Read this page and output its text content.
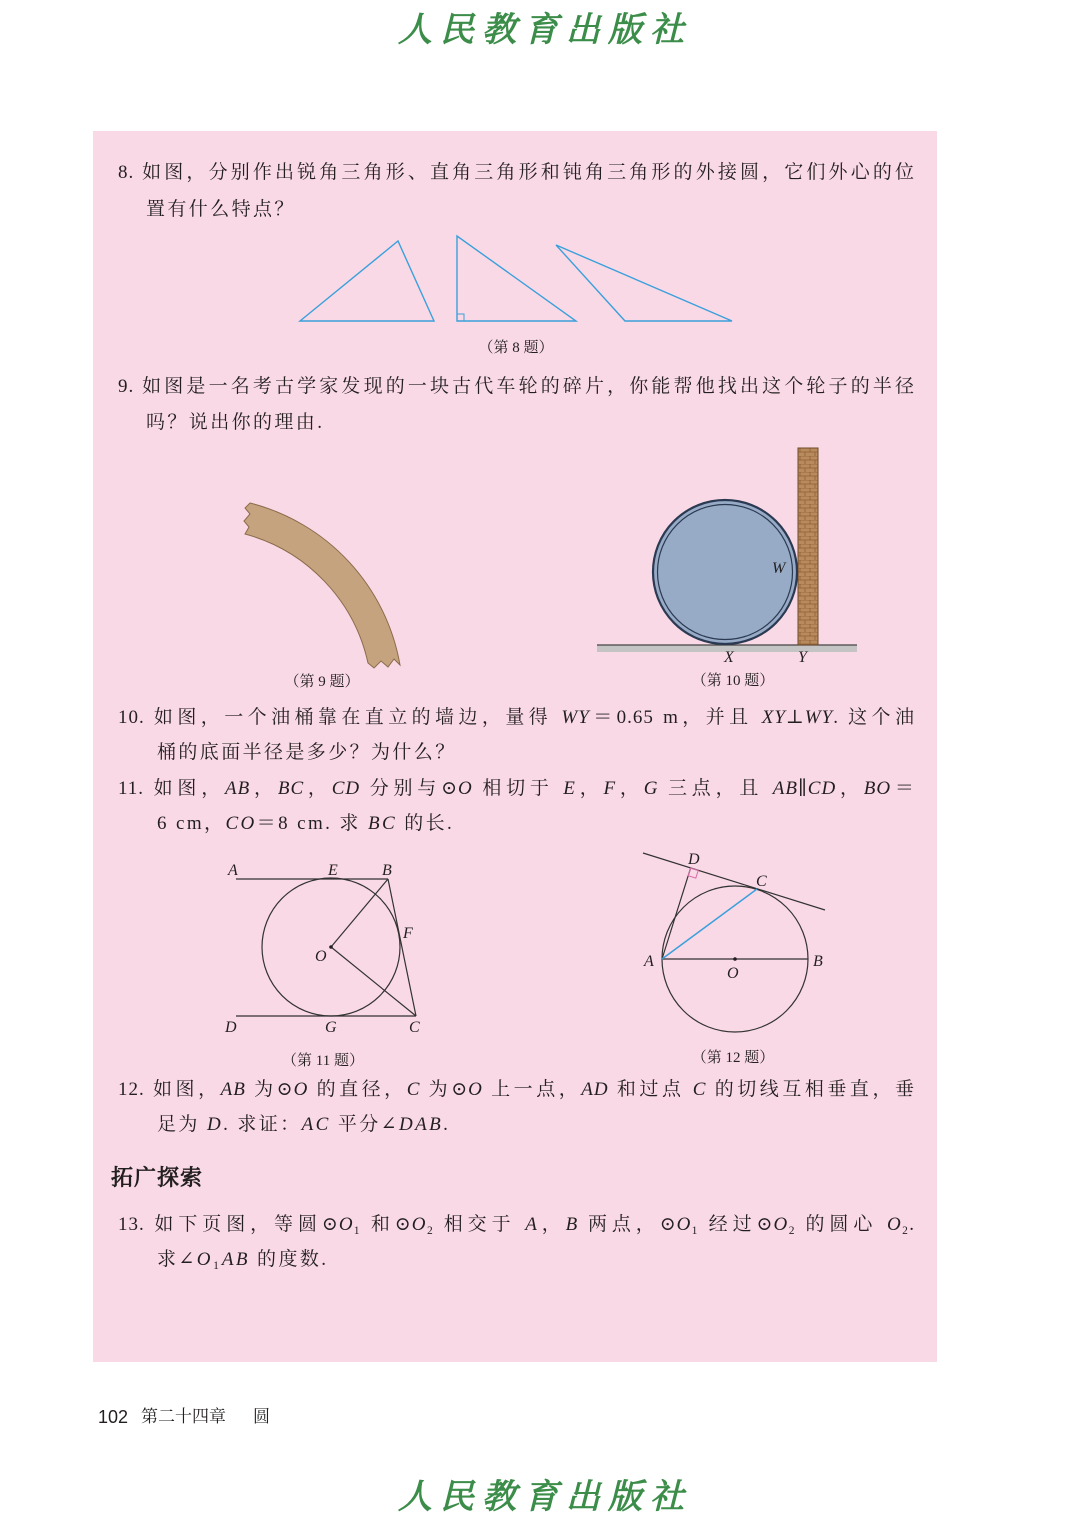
人民教育出版社
W
X	Y
A	E	B
F
O
D	G	C
D
C
A
O
B
8. 如图，分别作出锐角三角形、直角三角形和钝角三角形的外接圆，它们外心的位
置有什么特点？
（第 8 题）
9. 如图是一名考古学家发现的一块古代车轮的碎片，你能帮他找出这个轮子的半径
吗？说出你的理由.
（第 9 题）	（第 10 题）
10. 如图，一个油桶靠在直立的墙边，量得 WY＝0.65 m，并且 XY⊥WY. 这个油
桶的底面半径是多少？为什么？
11. 如图，AB，BC，CD 分别与⊙O 相切于 E，F，G 三点，且 AB∥CD，BO＝
6 cm，CO＝8 cm. 求 BC 的长.
（第 11 题）	（第 12 题）
12. 如图，AB 为⊙O 的直径，C 为⊙O 上一点，AD 和过点 C 的切线互相垂直，垂
足为 D. 求证：AC 平分∠DAB.
拓广探索
13. 如下页图，等圆⊙O₁ 和⊙O₂ 相交于 A，B 两点，⊙O₁ 经过⊙O₂ 的圆心 O₂.
求∠O₁AB 的度数.
102 第二十四章 圆
人民教育出版社
